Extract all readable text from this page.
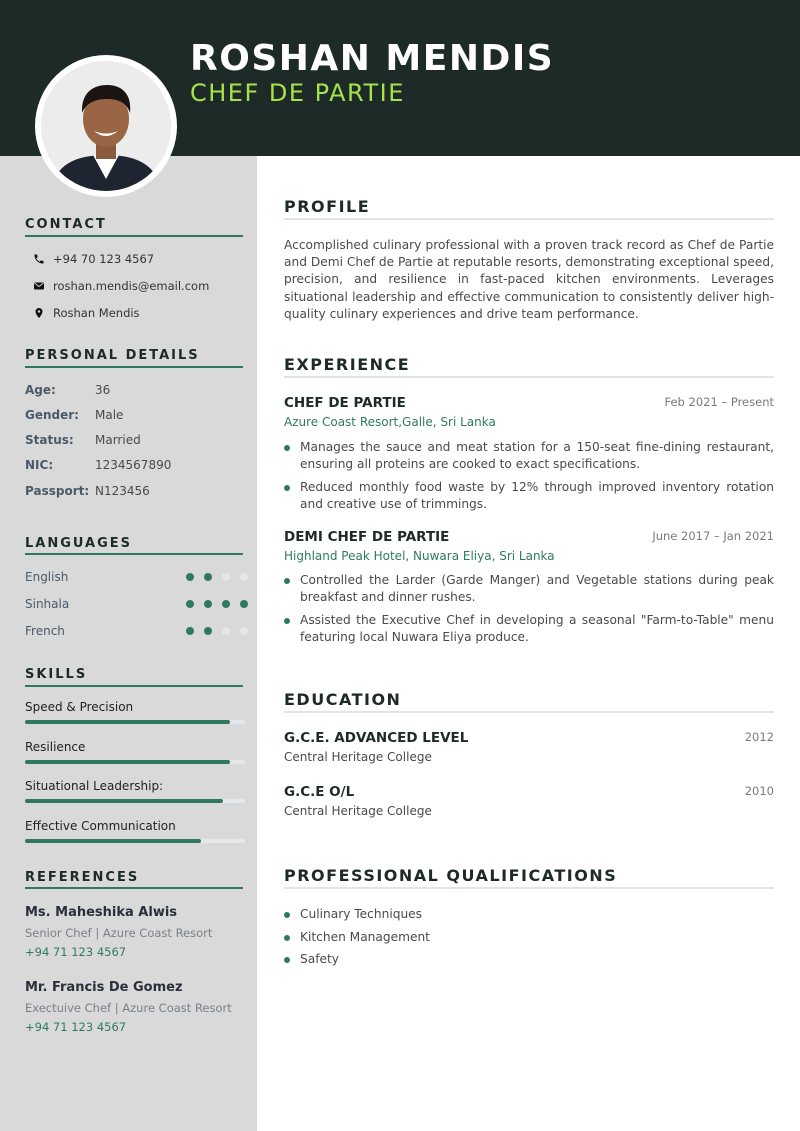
ROSHAN MENDIS
CHEF DE PARTIE
CONTACT
+94 70 123 4567
roshan.mendis@email.com
Roshan Mendis
PERSONAL DETAILS
Age:	36
Gender: Male
Status: Married
NIC:	1234567890
Passport: N123456
LANGUAGES
English
Sinhala
French
SKILLS
Speed & Precision
Resilience
Situational Leadership:
Effective Communication
REFERENCES
Ms. Maheshika Alwis
Senior Chef | Azure Coast Resort
+94 71 123 4567
Mr. Francis De Gomez
Exectuive Chef | Azure Coast Resort
+94 71 123 4567
PROFILE
Accomplished culinary professional with a proven track record as Chef de Partie and Demi Chef de Partie at reputable resorts, demonstrating exceptional speed, precision, and resilience in fast-paced kitchen environments. Leverages situational leadership and effective communication to consistently deliver high-quality culinary experiences and drive team performance.
EXPERIENCE
CHEF DE PARTIE	Feb 2021 – Present
Azure Coast Resort,Galle, Sri Lanka
Manages the sauce and meat station for a 150-seat fine-dining restaurant, ensuring all proteins are cooked to exact specifications.
Reduced monthly food waste by 12% through improved inventory rotation and creative use of trimmings.
DEMI CHEF DE PARTIE	June 2017 – Jan 2021
Highland Peak Hotel, Nuwara Eliya, Sri Lanka
Controlled the Larder (Garde Manger) and Vegetable stations during peak breakfast and dinner rushes.
Assisted the Executive Chef in developing a seasonal "Farm-to-Table" menu featuring local Nuwara Eliya produce.
EDUCATION
G.C.E. ADVANCED LEVEL	2012
Central Heritage College
G.C.E O/L	2010
Central Heritage College
PROFESSIONAL QUALIFICATIONS
Culinary Techniques
Kitchen Management
Safety
